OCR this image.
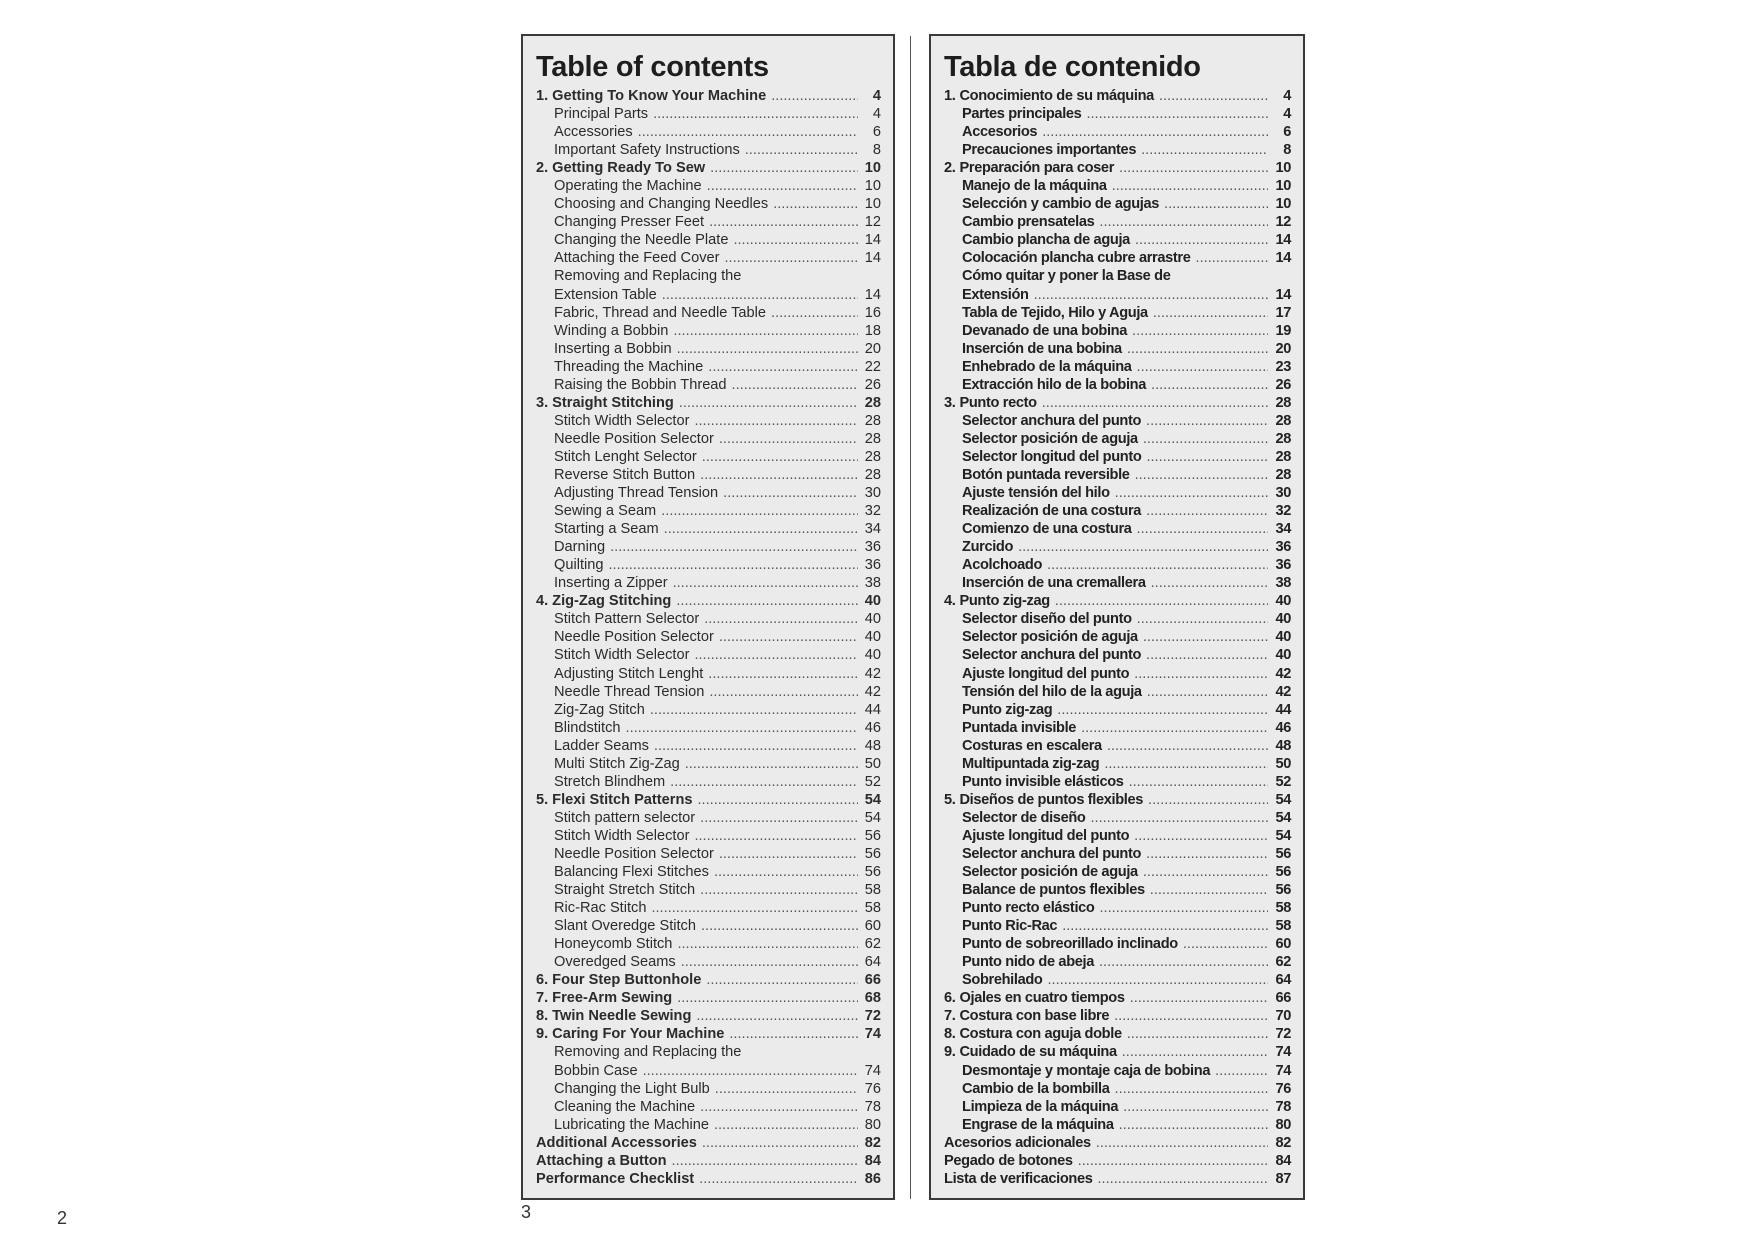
2	3
Table of contents
1. Getting To Know Your Machine .....	4
Principal Parts .....	4
Accessories .....	6
Important Safety Instructions .....	8
2. Getting Ready To Sew .....	10
Operating the Machine .....	10
Choosing and Changing Needles .....	10
Changing Presser Feet .....	12
Changing the Needle Plate .....	14
Attaching the Feed Cover .....	14
Removing and Replacing the
Extension Table .....	14
Fabric, Thread and Needle Table .....	16
Winding a Bobbin .....	18
Inserting a Bobbin .....	20
Threading the Machine .....	22
Raising the Bobbin Thread .....	26
3. Straight Stitching .....	28
Stitch Width Selector .....	28
Needle Position Selector .....	28
Stitch Lenght Selector .....	28
Reverse Stitch Button .....	28
Adjusting Thread Tension .....	30
Sewing a Seam .....	32
Starting a Seam .....	34
Darning .....	36
Quilting .....	36
Inserting a Zipper .....	38
4. Zig-Zag Stitching .....	40
Stitch Pattern Selector .....	40
Needle Position Selector .....	40
Stitch Width Selector .....	40
Adjusting Stitch Lenght .....	42
Needle Thread Tension .....	42
Zig-Zag Stitch .....	44
Blindstitch .....	46
Ladder Seams .....	48
Multi Stitch Zig-Zag .....	50
Stretch Blindhem .....	52
5. Flexi Stitch Patterns .....	54
Stitch pattern selector .....	54
Stitch Width Selector .....	56
Needle Position Selector .....	56
Balancing Flexi Stitches .....	56
Straight Stretch Stitch .....	58
Ric-Rac Stitch .....	58
Slant Overedge Stitch .....	60
Honeycomb Stitch .....	62
Overedged Seams .....	64
6. Four Step Buttonhole .....	66
7. Free-Arm Sewing .....	68
8. Twin Needle Sewing .....	72
9. Caring For Your Machine .....	74
Removing and Replacing the
Bobbin Case .....	74
Changing the Light Bulb .....	76
Cleaning the Machine .....	78
Lubricating the Machine .....	80
Additional Accessories .....	82
Attaching a Button .....	84
Performance Checklist .....	86
Tabla de contenido
1. Conocimiento de su máquina .....	4
Partes principales .....	4
Accesorios .....	6
Precauciones importantes .....	8
2. Preparación para coser .....	10
Manejo de la máquina .....	10
Selección y cambio de agujas .....	10
Cambio prensatelas .....	12
Cambio plancha de aguja .....	14
Colocación plancha cubre arrastre .....	14
Cómo quitar y poner la Base de
Extensión .....	14
Tabla de Tejido, Hilo y Aguja .....	17
Devanado de una bobina .....	19
Inserción de una bobina .....	20
Enhebrado de la máquina .....	23
Extracción hilo de la bobina .....	26
3. Punto recto .....	28
Selector anchura del punto .....	28
Selector posición de aguja .....	28
Selector longitud del punto .....	28
Botón puntada reversible .....	28
Ajuste tensión del hilo .....	30
Realización de una costura .....	32
Comienzo de una costura .....	34
Zurcido .....	36
Acolchoado .....	36
Inserción de una cremallera .....	38
4. Punto zig-zag .....	40
Selector diseño del punto .....	40
Selector posición de aguja .....	40
Selector anchura del punto .....	40
Ajuste longitud del punto .....	42
Tensión del hilo de la aguja .....	42
Punto zig-zag .....	44
Puntada invisible .....	46
Costuras en escalera .....	48
Multipuntada zig-zag .....	50
Punto invisible elásticos .....	52
5. Diseños de puntos flexibles .....	54
Selector de diseño .....	54
Ajuste longitud del punto .....	54
Selector anchura del punto .....	56
Selector posición de aguja .....	56
Balance de puntos flexibles .....	56
Punto recto elástico .....	58
Punto Ric-Rac .....	58
Punto de sobreorillado inclinado .....	60
Punto nido de abeja .....	62
Sobrehilado .....	64
6. Ojales en cuatro tiempos .....	66
7. Costura con base libre .....	70
8. Costura con aguja doble .....	72
9. Cuidado de su máquina .....	74
Desmontaje y montaje caja de bobina .....	74
Cambio de la bombilla .....	76
Limpieza de la máquina .....	78
Engrase de la máquina .....	80
Acesorios adicionales .....	82
Pegado de botones .....	84
Lista de verificaciones .....	87
